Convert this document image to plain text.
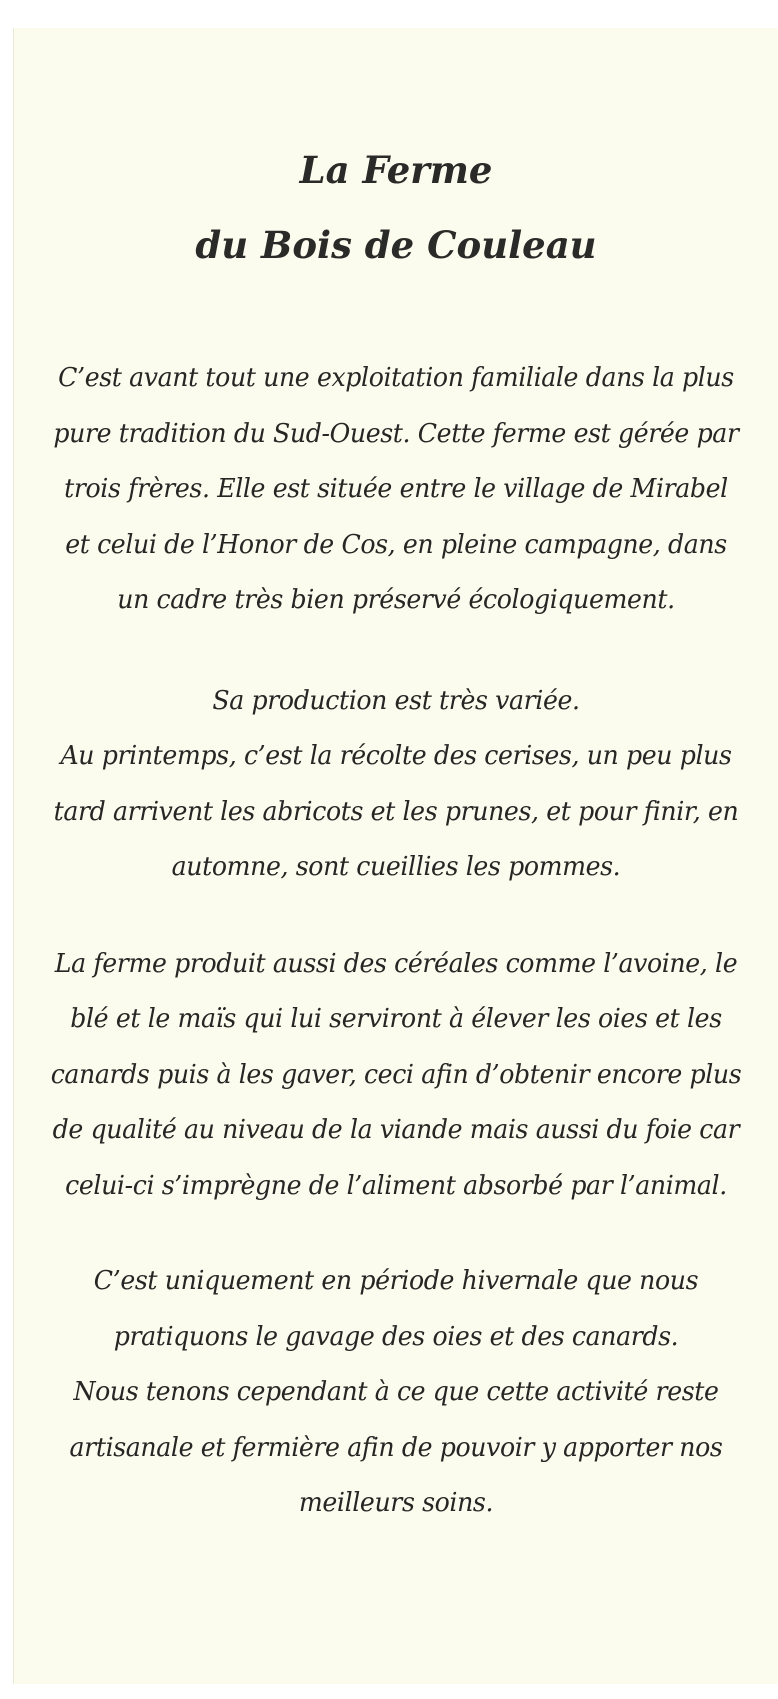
La Ferme
du Bois de Couleau
C’est avant tout une exploitation familiale dans la plus
pure tradition du Sud-Ouest. Cette ferme est gérée par
trois frères. Elle est située entre le village de Mirabel
et celui de l’Honor de Cos, en pleine campagne, dans
un cadre très bien préservé écologiquement.
Sa production est très variée.
Au printemps, c’est la récolte des cerises, un peu plus
tard arrivent les abricots et les prunes, et pour finir, en
automne, sont cueillies les pommes.
La ferme produit aussi des céréales comme l’avoine, le
blé et le maïs qui lui serviront à élever les oies et les
canards puis à les gaver, ceci afin d’obtenir encore plus
de qualité au niveau de la viande mais aussi du foie car
celui-ci s’imprègne de l’aliment absorbé par l’animal.
C’est uniquement en période hivernale que nous
pratiquons le gavage des oies et des canards.
Nous tenons cependant à ce que cette activité reste
artisanale et fermière afin de pouvoir y apporter nos
meilleurs soins.
